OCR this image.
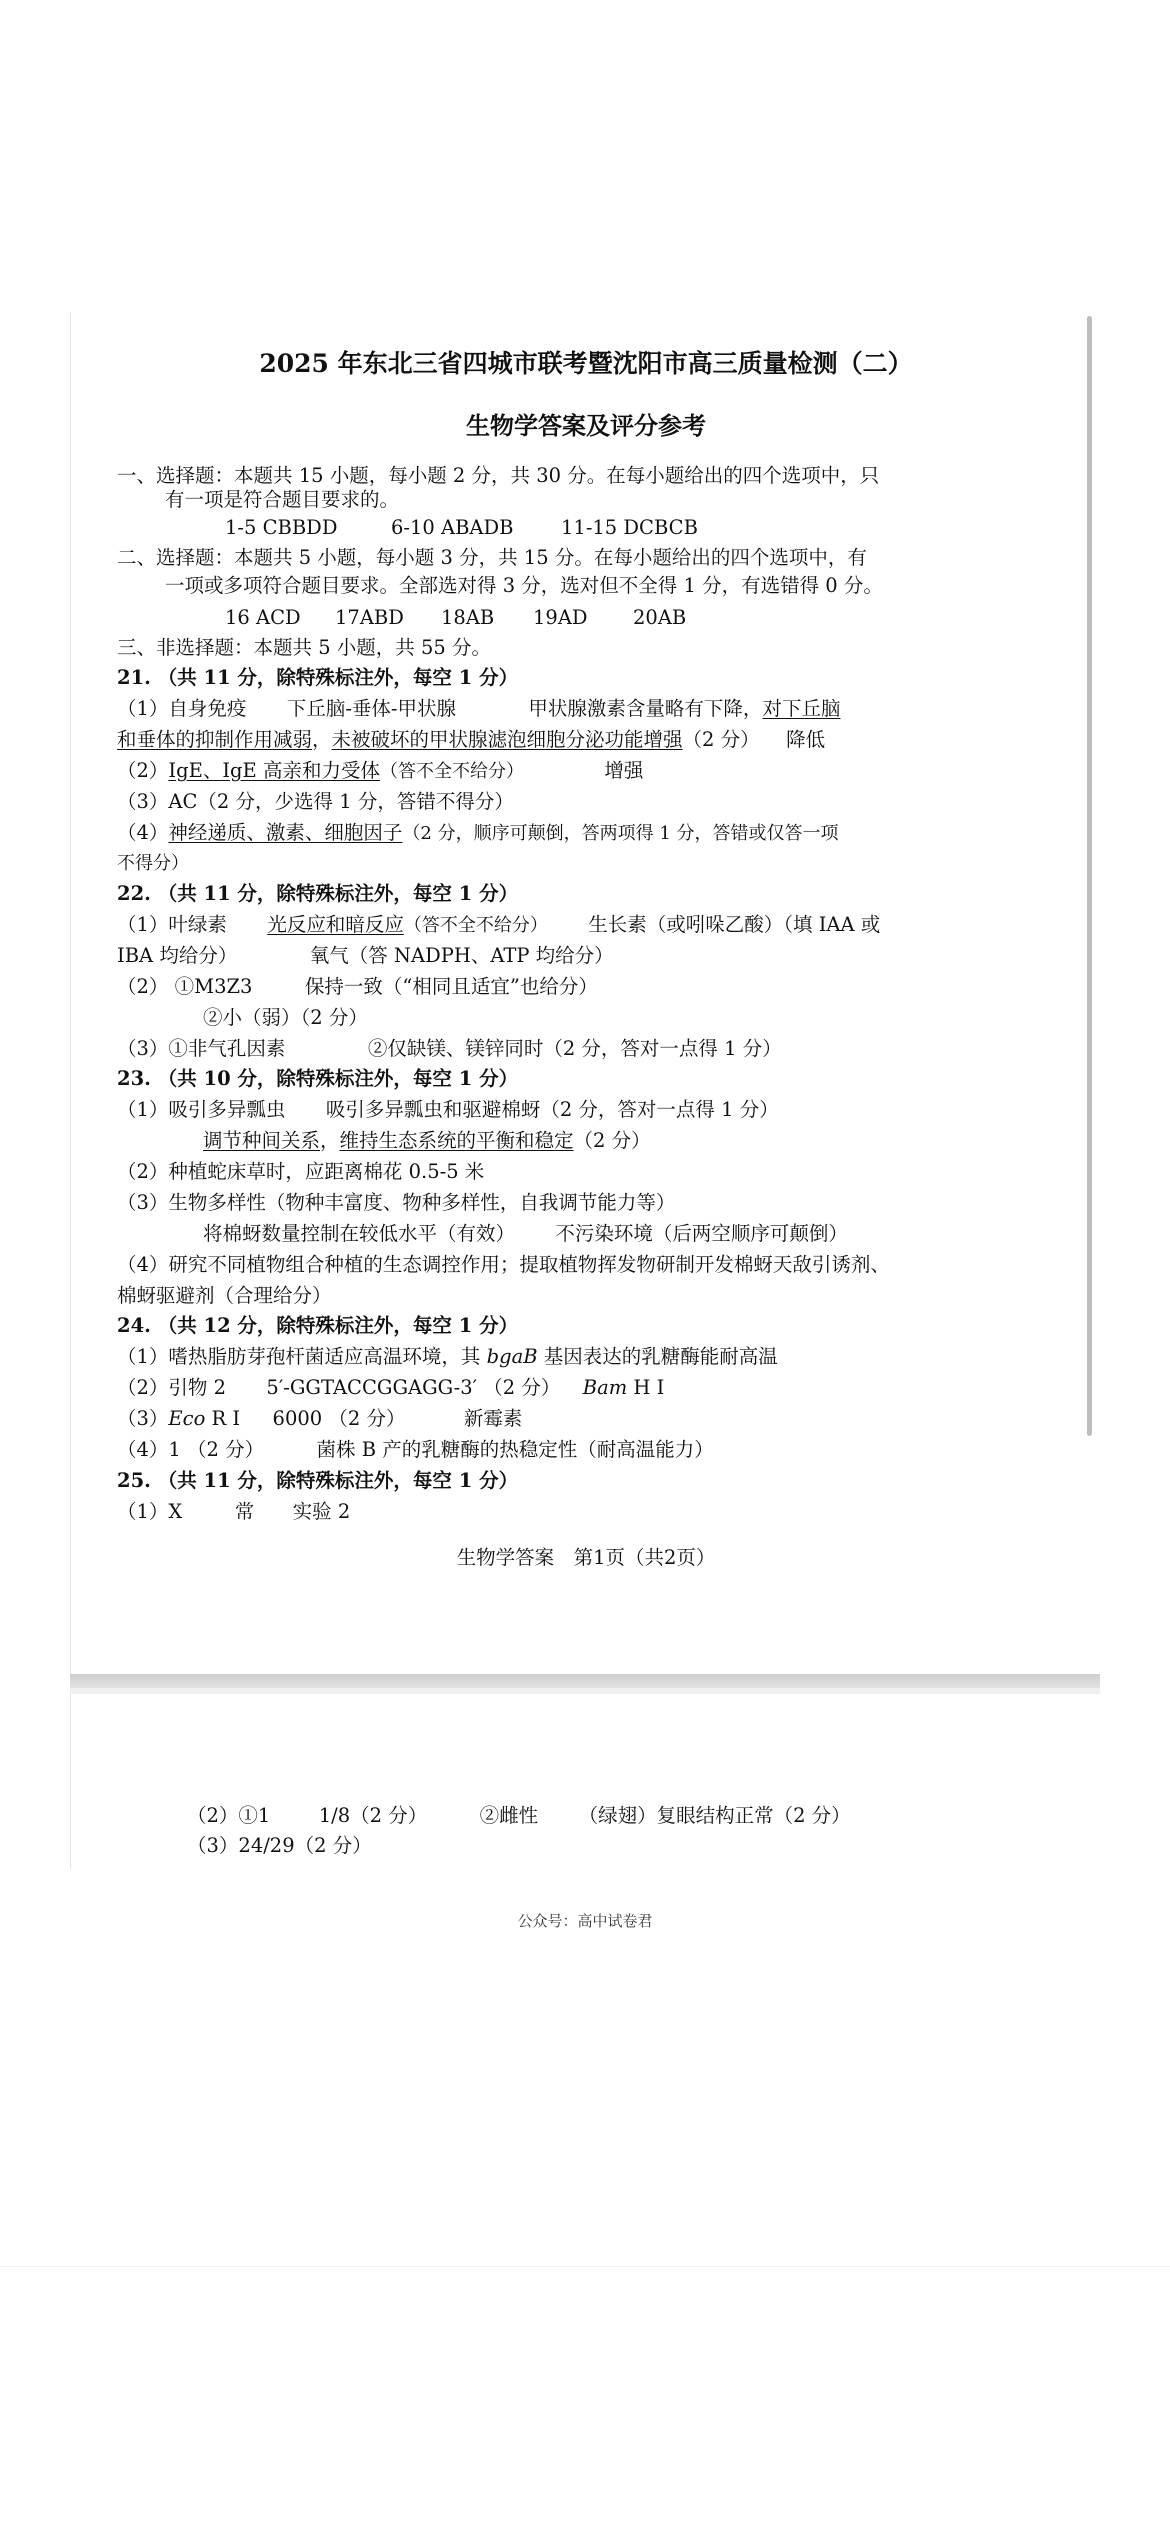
2025 年东北三省四城市联考暨沈阳市高三质量检测（二）
生物学答案及评分参考
一、选择题：本题共 15 小题，每小题 2 分，共 30 分。在每小题给出的四个选项中，只
有一项是符合题目要求的。
1-5 CBBDD	6-10 ABADB 11-15 DCBCB
二、选择题：本题共 5 小题，每小题 3 分，共 15 分。在每小题给出的四个选项中，有
一项或多项符合题目要求。全部选对得 3 分，选对但不全得 1 分，有选错得 0 分。
16 ACD 17ABD 18AB 19AD 20AB
三、非选择题：本题共 5 小题，共 55 分。
21. （共 11 分，除特殊标注外，每空 1 分）
（1）自身免疫 下丘脑-垂体-甲状腺	甲状腺激素含量略有下降，对下丘脑
和垂体的抑制作用减弱，未被破坏的甲状腺滤泡细胞分泌功能增强（2 分） 降低
（2）IgE、IgE 高亲和力受体（答不全不给分）	增强
（3）AC（2 分，少选得 1 分，答错不得分）
（4）神经递质、激素、细胞因子（2 分，顺序可颠倒，答两项得 1 分，答错或仅答一项
不得分）
22. （共 11 分，除特殊标注外，每空 1 分）
（1）叶绿素 光反应和暗反应（答不全不给分） 生长素（或吲哚乙酸）（填 IAA 或
IBA 均给分）	氧气（答 NADPH、ATP 均给分）
（2） ①M3Z3	保持一致（“相同且适宜”也给分）
②小（弱）（2 分）
（3）①非气孔因素	②仅缺镁、镁锌同时（2 分，答对一点得 1 分）
23. （共 10 分，除特殊标注外，每空 1 分）
（1）吸引多异瓢虫 吸引多异瓢虫和驱避棉蚜（2 分，答对一点得 1 分）
调节种间关系，维持生态系统的平衡和稳定（2 分）
（2）种植蛇床草时，应距离棉花 0.5-5 米
（3）生物多样性（物种丰富度、物种多样性，自我调节能力等）
将棉蚜数量控制在较低水平（有效） 不污染环境（后两空顺序可颠倒）
（4）研究不同植物组合种植的生态调控作用；提取植物挥发物研制开发棉蚜天敌引诱剂、
棉蚜驱避剂（合理给分）
24. （共 12 分，除特殊标注外，每空 1 分）
（1）嗜热脂肪芽孢杆菌适应高温环境，其 bgaB 基因表达的乳糖酶能耐高温
（2）引物 2 5′-GGTACCGGAGG-3′ （2 分） Bam H I
（3）Eco R I 6000 （2 分）	新霉素
（4）1 （2 分）	菌株 B 产的乳糖酶的热稳定性（耐高温能力）
25. （共 11 分，除特殊标注外，每空 1 分）
（1）X	常 实验 2
生物学答案　第1页（共2页）
（2）①1 1/8（2 分）	②雌性 （绿翅）复眼结构正常（2 分）
（3）24/29（2 分）
公众号：高中试卷君
